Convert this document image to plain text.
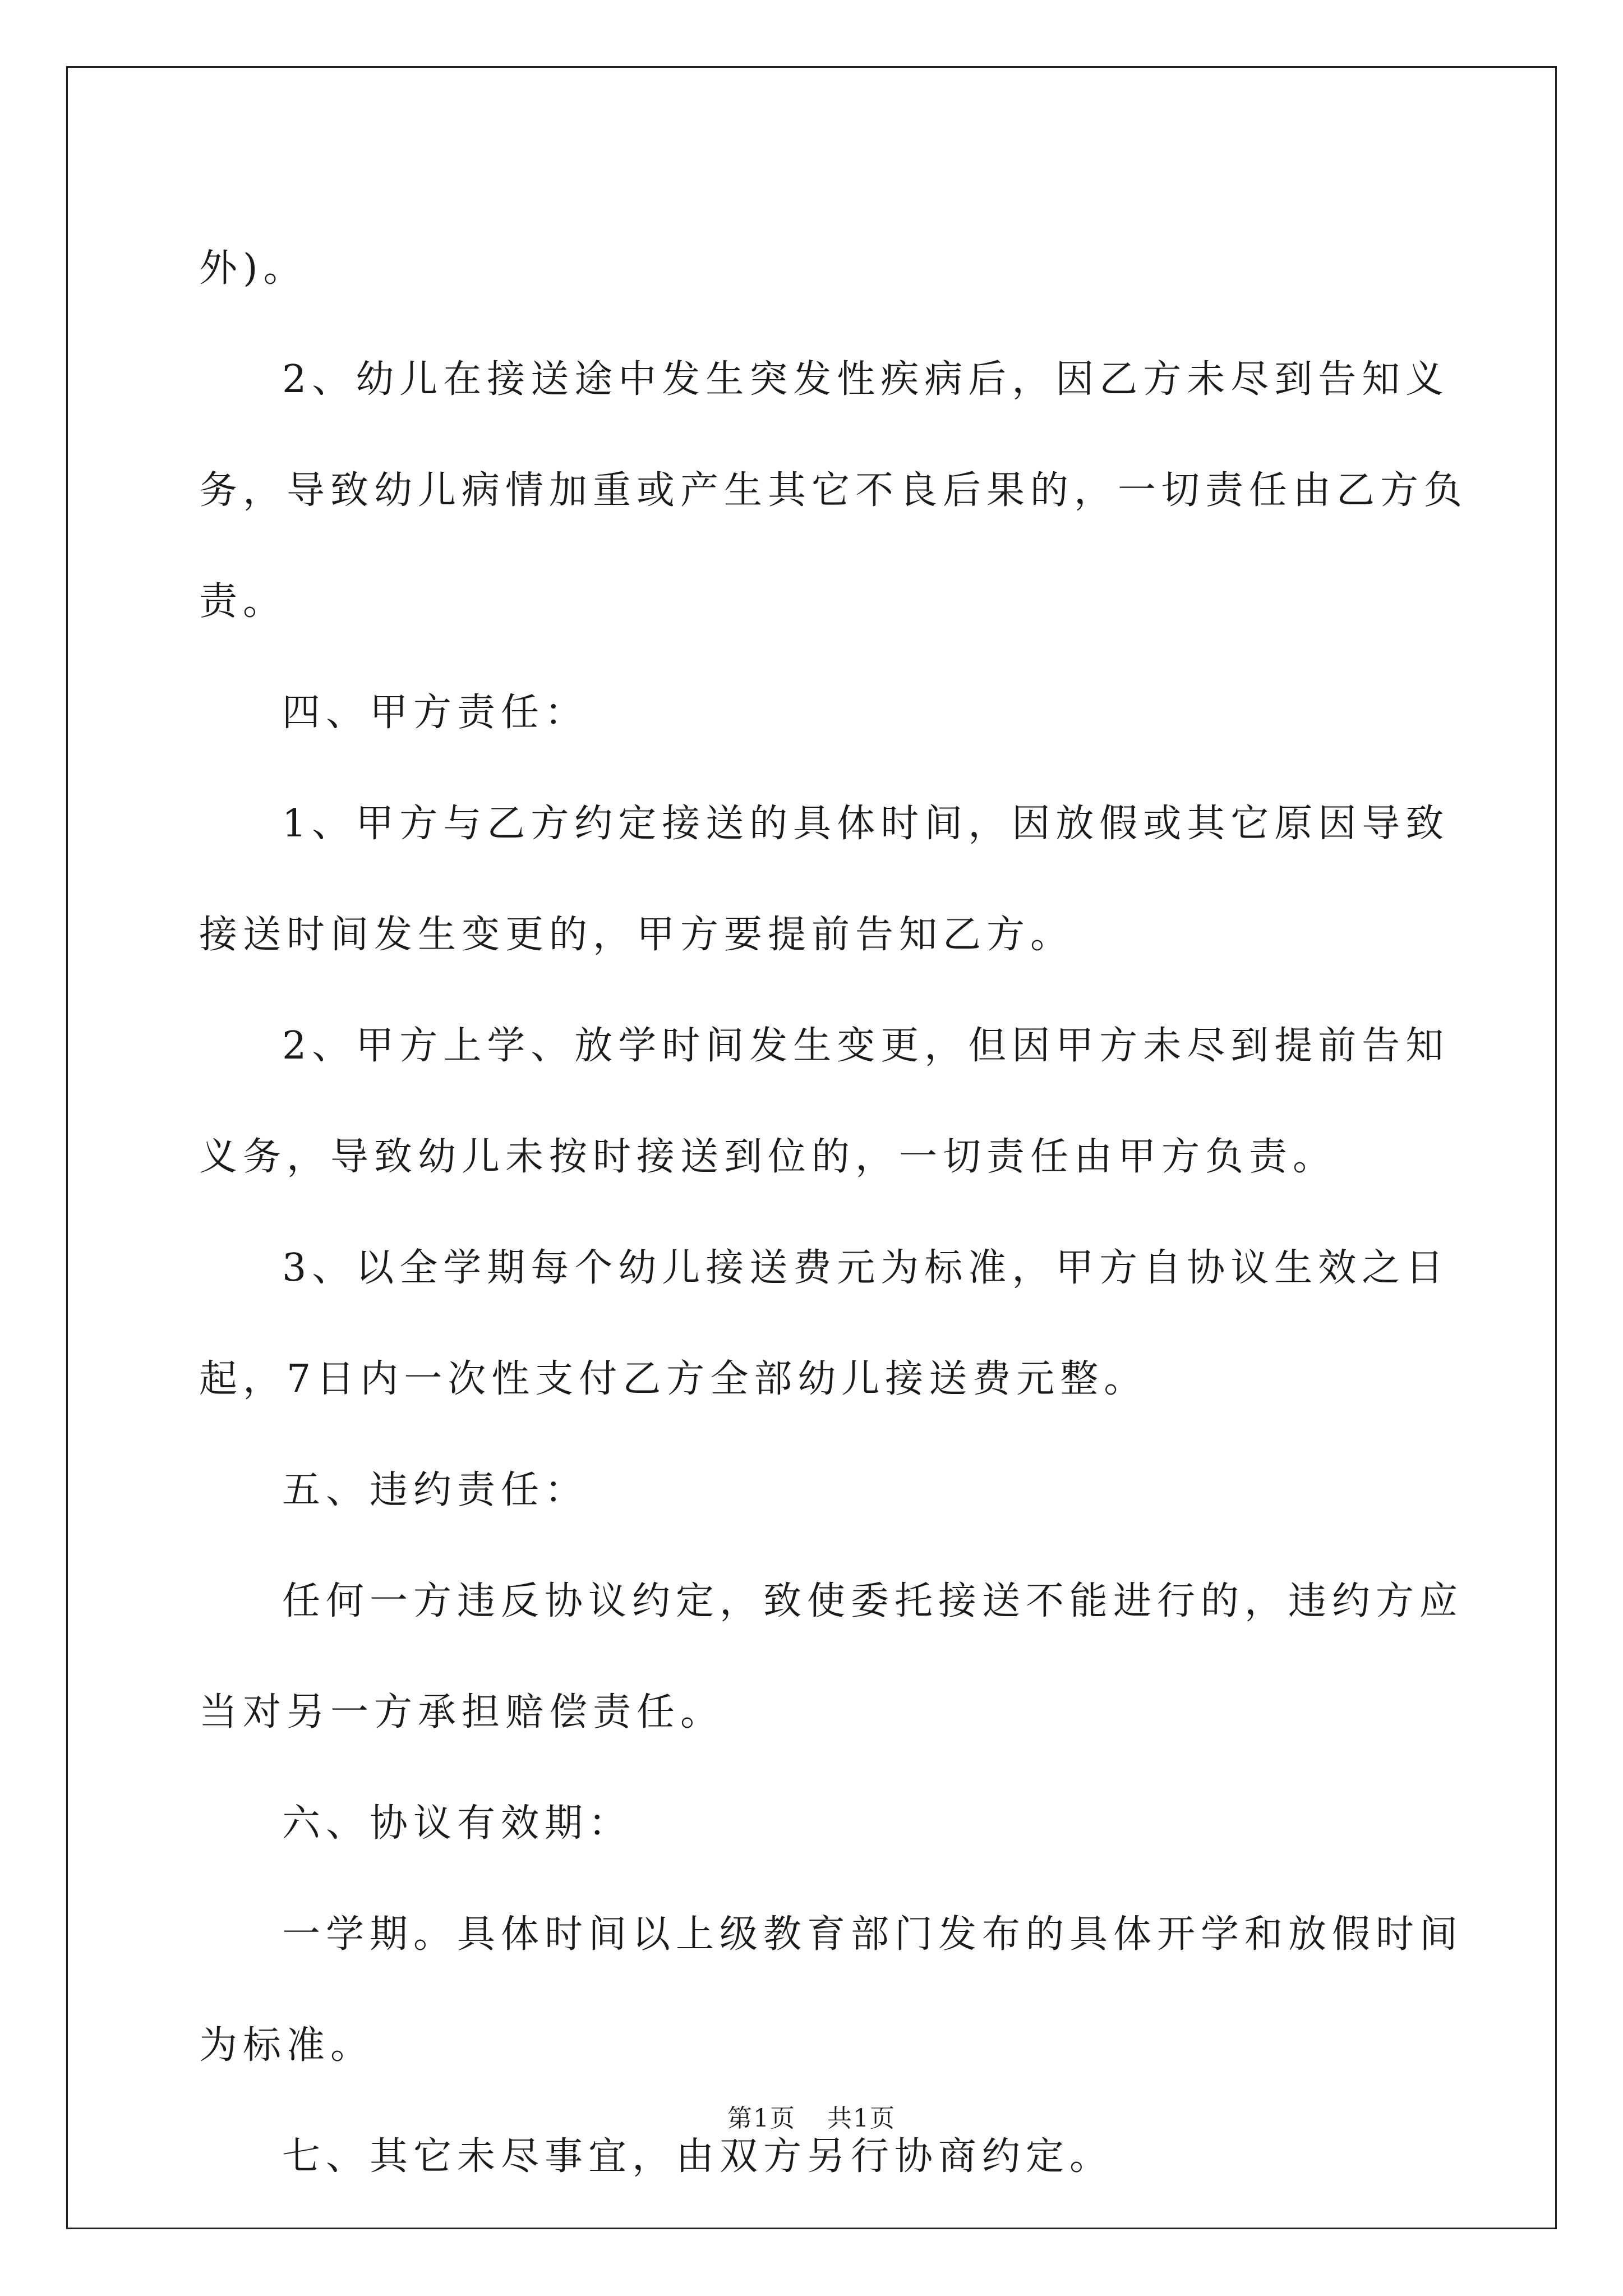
外)。

2、幼儿在接送途中发生突发性疾病后，因乙方未尽到告知义务，导致幼儿病情加重或产生其它不良后果的，一切责任由乙方负责。

四、甲方责任：

1、甲方与乙方约定接送的具体时间，因放假或其它原因导致接送时间发生变更的，甲方要提前告知乙方。

2、甲方上学、放学时间发生变更，但因甲方未尽到提前告知义务，导致幼儿未按时接送到位的，一切责任由甲方负责。

3、以全学期每个幼儿接送费元为标准，甲方自协议生效之日起，7日内一次性支付乙方全部幼儿接送费元整。

五、违约责任：

任何一方违反协议约定，致使委托接送不能进行的，违约方应当对另一方承担赔偿责任。

六、协议有效期：

一学期。具体时间以上级教育部门发布的具体开学和放假时间为标准。

七、其它未尽事宜，由双方另行协商约定。

第1页 共1页
